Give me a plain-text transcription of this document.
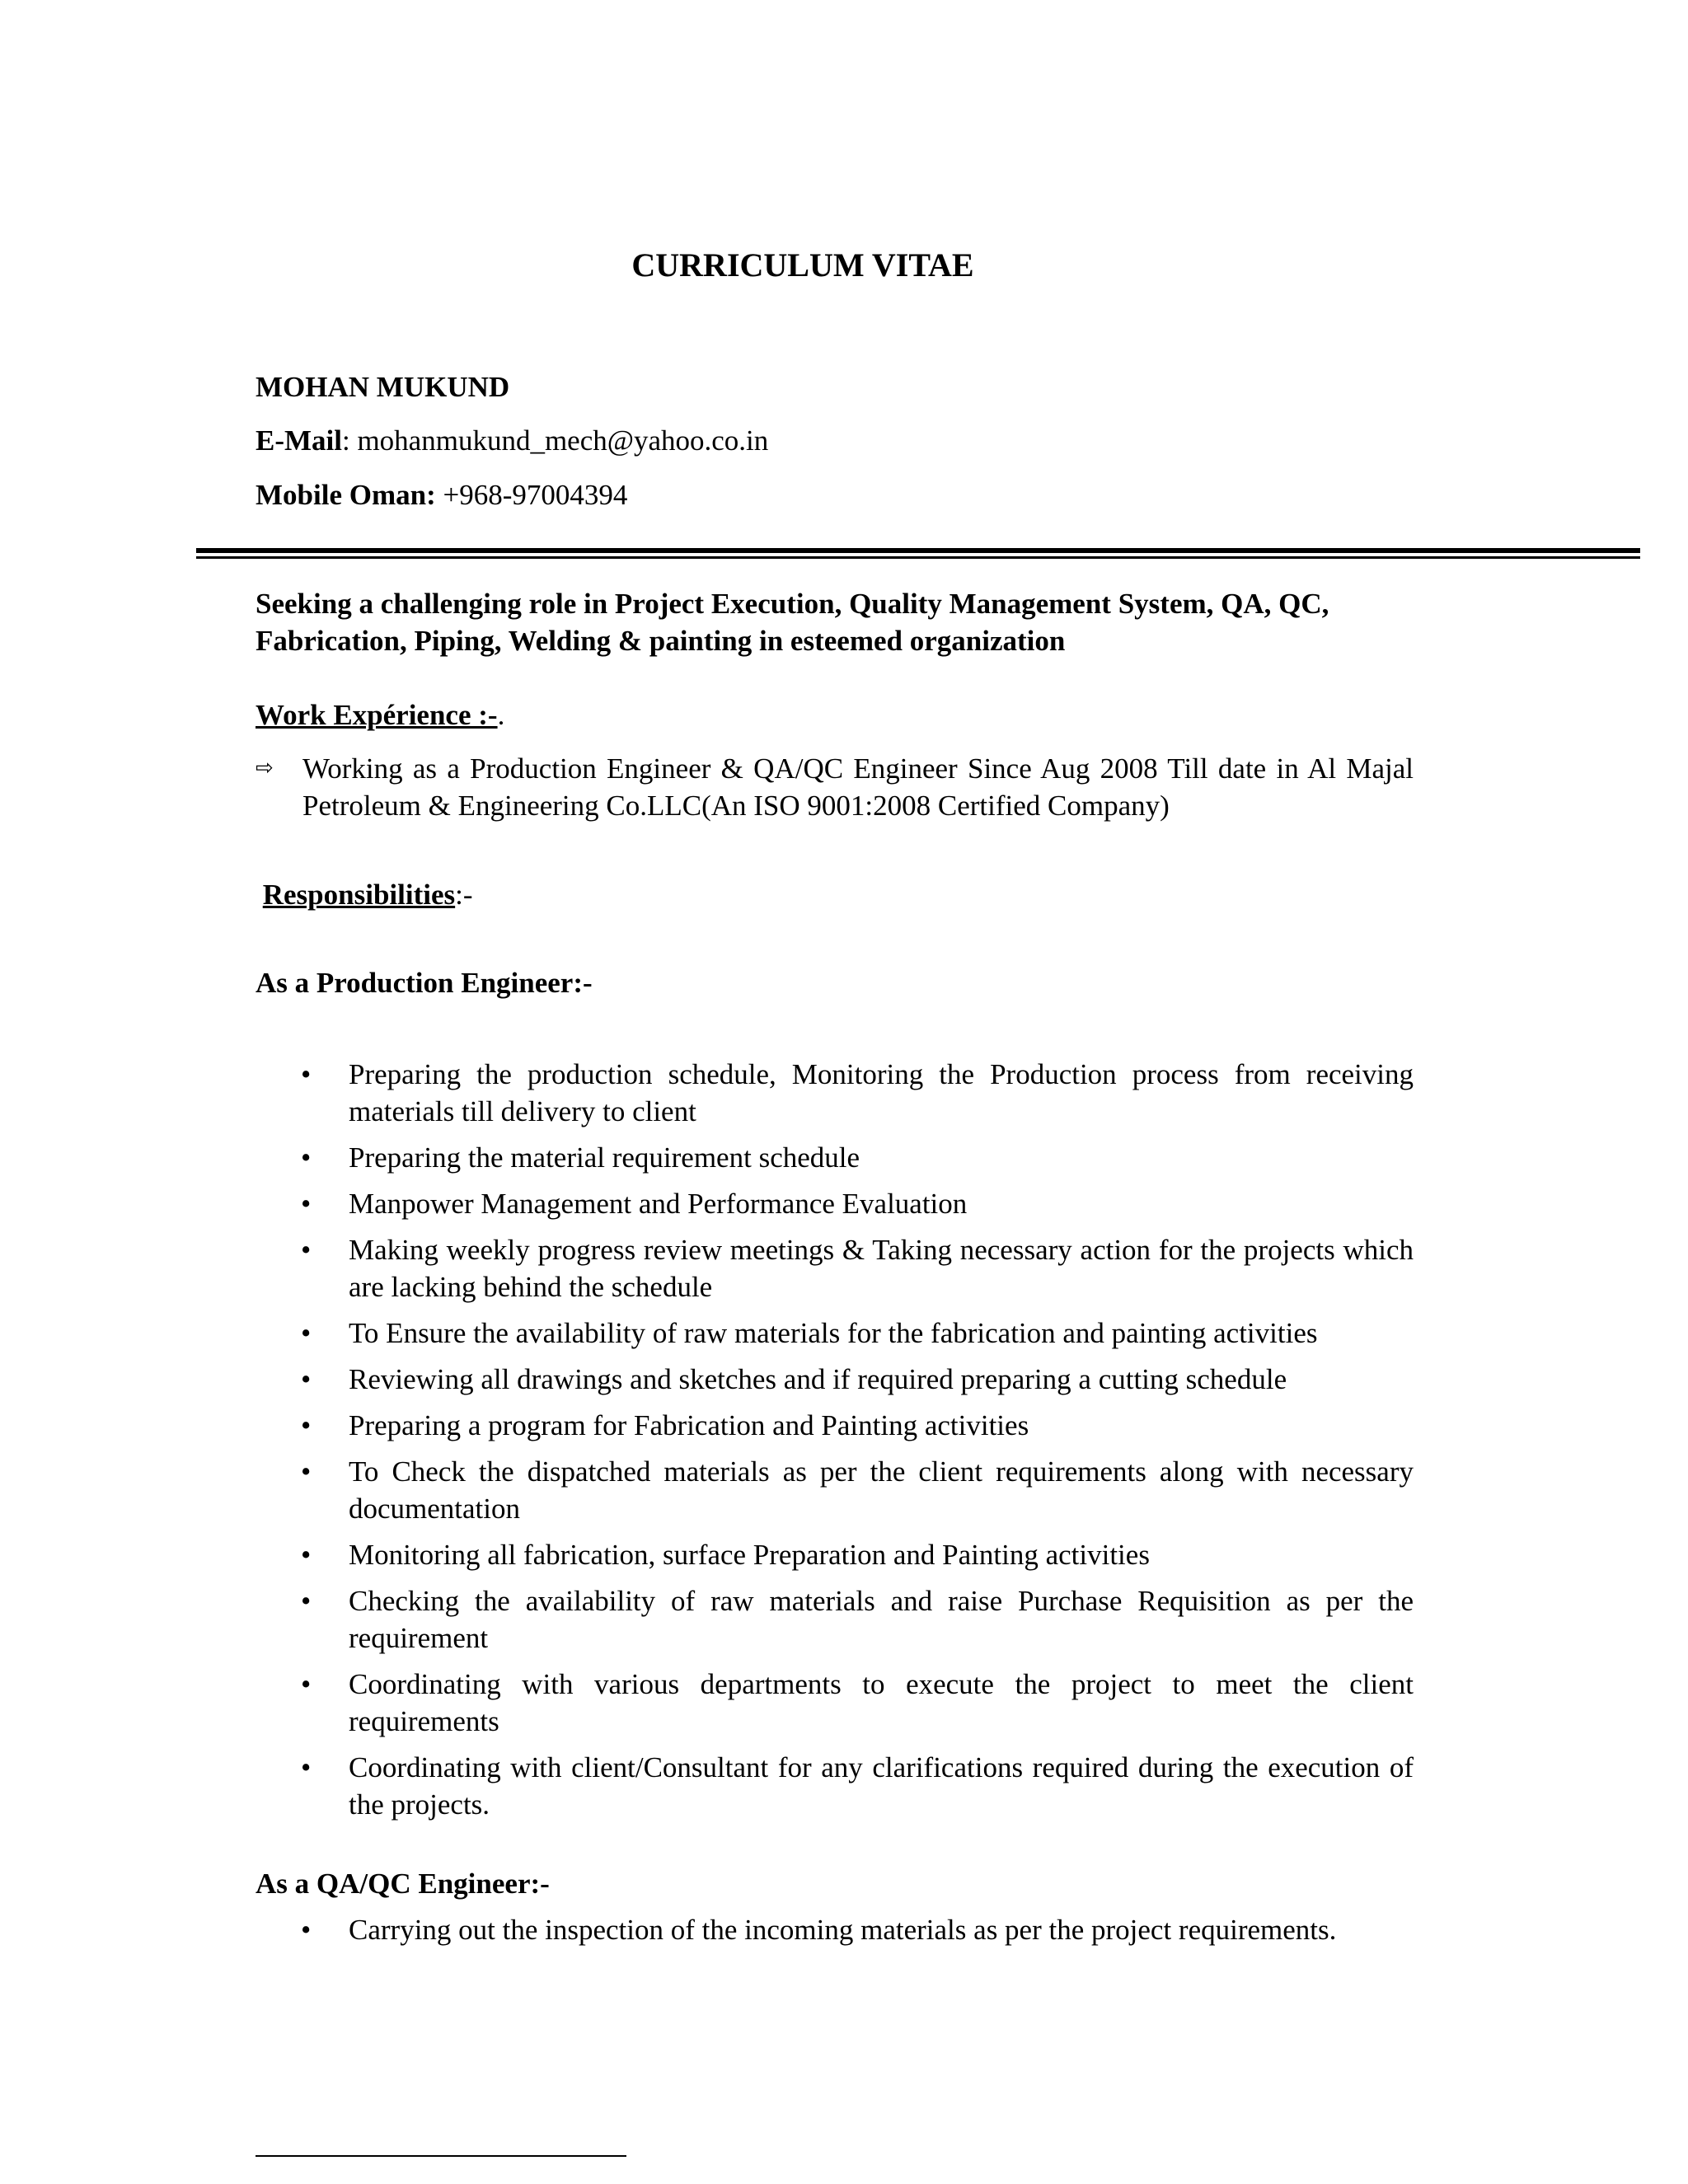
CURRICULUM VITAE
MOHAN MUKUND
E-Mail: mohanmukund_mech@yahoo.co.in
Mobile Oman: +968-97004394
Seeking a challenging role in Project Execution, Quality Management System, QA, QC, Fabrication, Piping, Welding & painting in esteemed organization
Work Expérience :-.
⇨ Working as a Production Engineer & QA/QC Engineer Since Aug 2008 Till date in Al Majal Petroleum & Engineering Co.LLC(An ISO 9001:2008 Certified Company)
Responsibilities:-
As a Production Engineer:-
• Preparing the production schedule, Monitoring the Production process from receiving materials till delivery to client
• Preparing the material requirement schedule
• Manpower Management and Performance Evaluation
• Making weekly progress review meetings & Taking necessary action for the projects which are lacking behind the schedule
• To Ensure the availability of raw materials for the fabrication and painting activities
• Reviewing all drawings and sketches and if required preparing a cutting schedule
• Preparing a program for Fabrication and Painting activities
• To Check the dispatched materials as per the client requirements along with necessary documentation
• Monitoring all fabrication, surface Preparation and Painting activities
• Checking the availability of raw materials and raise Purchase Requisition as per the requirement
• Coordinating with various departments to execute the project to meet the client requirements
• Coordinating with client/Consultant for any clarifications required during the execution of the projects.
As a QA/QC Engineer:-
• Carrying out the inspection of the incoming materials as per the project requirements.
